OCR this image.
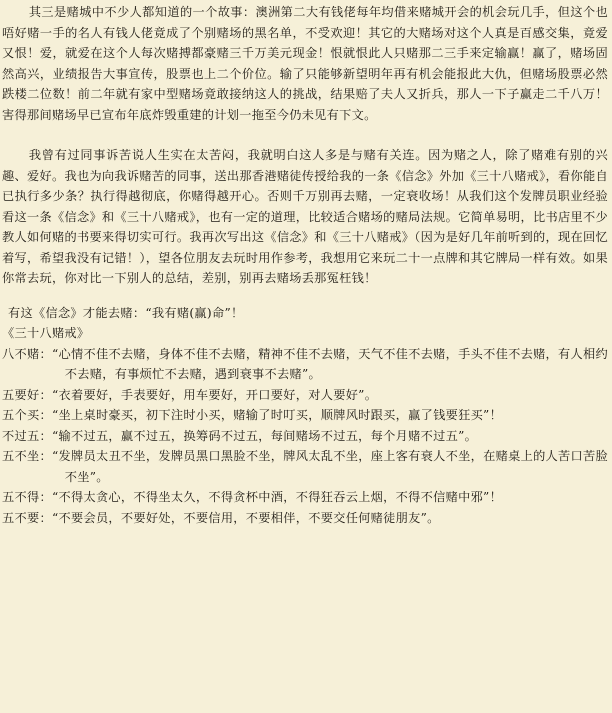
其三是赌城中不少人都知道的一个故事：澳洲第二大有钱佬每年均借来赌城开会的机会玩几手，但这个也唔好赌一手的名人有钱人佬竟成了个别赌场的黑名单，不受欢迎！其它的大赌场对这个人真是百感交集，竟爱又恨！爱，就爱在这个人每次赌搏都豪赌三千万美元现金！恨就恨此人只赌那二三手来定输赢！赢了，赌场固然高兴，业绩报告大事宣传，股票也上二个价位。输了只能够新望明年再有机会能报此大仇，但赌场股票必然跌楼二位数！前二年就有家中型赌场竟敢接纳这人的挑战，结果赔了夫人又折兵，那人一下子赢走二千八万！害得那间赌场早已宣布年底炸毁重建的计划一拖至今仍未见有下文。

我曾有过同事诉苦说人生实在太苦闷，我就明白这人多是与赌有关连。因为赌之人，除了赌难有别的兴趣、爱好。我也为向我诉赌苦的同事，送出那香港赌徒传授给我的一条《信念》外加《三十八赌戒》，看你能自已执行多少条？执行得越彻底，你赌得越开心。否则千万别再去赌，一定衰收场！从我们这个发牌员职业经验看这一条《信念》和《三十八赌戒》，也有一定的道理，比较适合赌场的赌局法规。它简单易明，比书店里不少教人如何赌的书要来得切实可行。我再次写出这《信念》和《三十八赌戒》（因为是好几年前听到的，现在回忆着写，希望我没有记错！），望各位朋友去玩时用作参考，我想用它来玩二十一点牌和其它牌局一样有效。如果你常去玩，你对比一下别人的总结，差别，别再去赌场丢那冤枉钱！

有这《信念》才能去赌：“我有赌(赢)命”！

《三十八赌戒》

八不赌： “心情不佳不去赌，身体不佳不去赌，精神不佳不去赌，天气不佳不去赌，手头不佳不去赌，有人相约不去赌，有事烦忙不去赌，遇到衰事不去赌”。
五要好： “衣着要好，手表要好，用车要好，开口要好，对人要好”。
五个买： “坐上桌时豪买，初下注时小买，赌输了时叮买，顺牌风时跟买，赢了钱要狂买”！
不过五： “输不过五，赢不过五，换筹码不过五，每间赌场不过五，每个月赌不过五”。
五不坐： “发牌员太丑不坐，发牌员黑口黑脸不坐，牌风太乱不坐，座上客有衰人不坐，在赌桌上的人苦口苦脸不坐”。
五不得： “不得太贪心，不得坐太久，不得贪杯中酒，不得狂吞云上烟，不得不信赌中邪”！
五不要： “不要会员，不要好处，不要信用，不要相伴，不要交任何赌徒朋友”。
